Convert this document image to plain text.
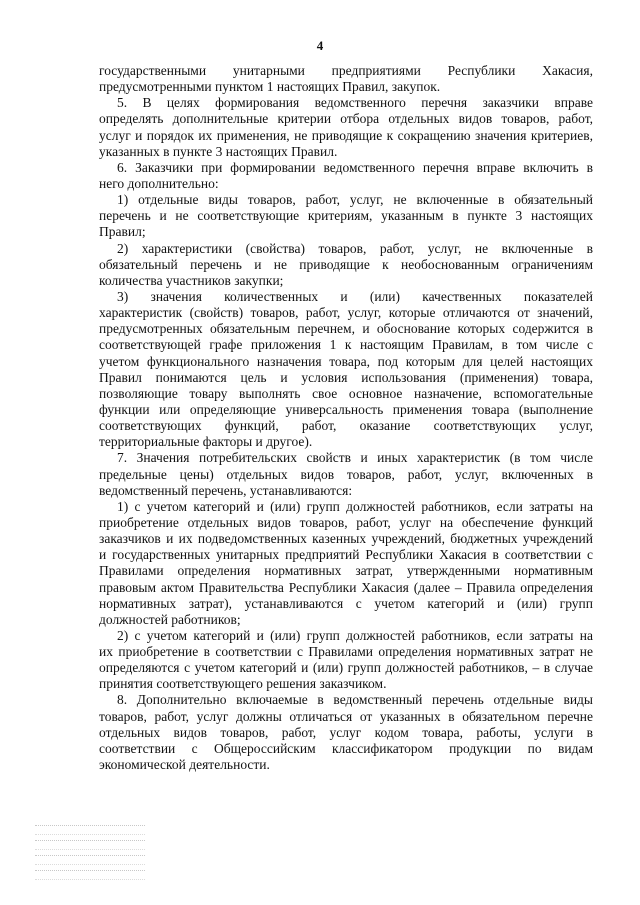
4
государственными унитарными предприятиями Республики Хакасия,
предусмотренными пунктом 1 настоящих Правил, закупок.
5. В целях формирования ведомственного перечня заказчики вправе
определять дополнительные критерии отбора отдельных видов товаров, работ,
услуг и порядок их применения, не приводящие к сокращению значения критериев,
указанных в пункте 3 настоящих Правил.
6. Заказчики при формировании ведомственного перечня вправе включить в
него дополнительно:
1) отдельные виды товаров, работ, услуг, не включенные в обязательный
перечень и не соответствующие критериям, указанным в пункте 3 настоящих
Правил;
2) характеристики (свойства) товаров, работ, услуг, не включенные в
обязательный перечень и не приводящие к необоснованным ограничениям
количества участников закупки;
3) значения количественных и (или) качественных показателей
характеристик (свойств) товаров, работ, услуг, которые отличаются от значений,
предусмотренных обязательным перечнем, и обоснование которых содержится в
соответствующей графе приложения 1 к настоящим Правилам, в том числе с
учетом функционального назначения товара, под которым для целей настоящих
Правил понимаются цель и условия использования (применения) товара,
позволяющие товару выполнять свое основное назначение, вспомогательные
функции или определяющие универсальность применения товара (выполнение
соответствующих функций, работ, оказание соответствующих услуг,
территориальные факторы и другое).
7. Значения потребительских свойств и иных характеристик (в том числе
предельные цены) отдельных видов товаров, работ, услуг, включенных в
ведомственный перечень, устанавливаются:
1) с учетом категорий и (или) групп должностей работников, если затраты на
приобретение отдельных видов товаров, работ, услуг на обеспечение функций
заказчиков и их подведомственных казенных учреждений, бюджетных учреждений
и государственных унитарных предприятий Республики Хакасия в соответствии с
Правилами определения нормативных затрат, утвержденными нормативным
правовым актом Правительства Республики Хакасия (далее – Правила определения
нормативных затрат), устанавливаются с учетом категорий и (или) групп
должностей работников;
2) с учетом категорий и (или) групп должностей работников, если затраты на
их приобретение в соответствии с Правилами определения нормативных затрат не
определяются с учетом категорий и (или) групп должностей работников, – в случае
принятия соответствующего решения заказчиком.
8. Дополнительно включаемые в ведомственный перечень отдельные виды
товаров, работ, услуг должны отличаться от указанных в обязательном перечне
отдельных видов товаров, работ, услуг кодом товара, работы, услуги в
соответствии с Общероссийским классификатором продукции по видам
экономической деятельности.
